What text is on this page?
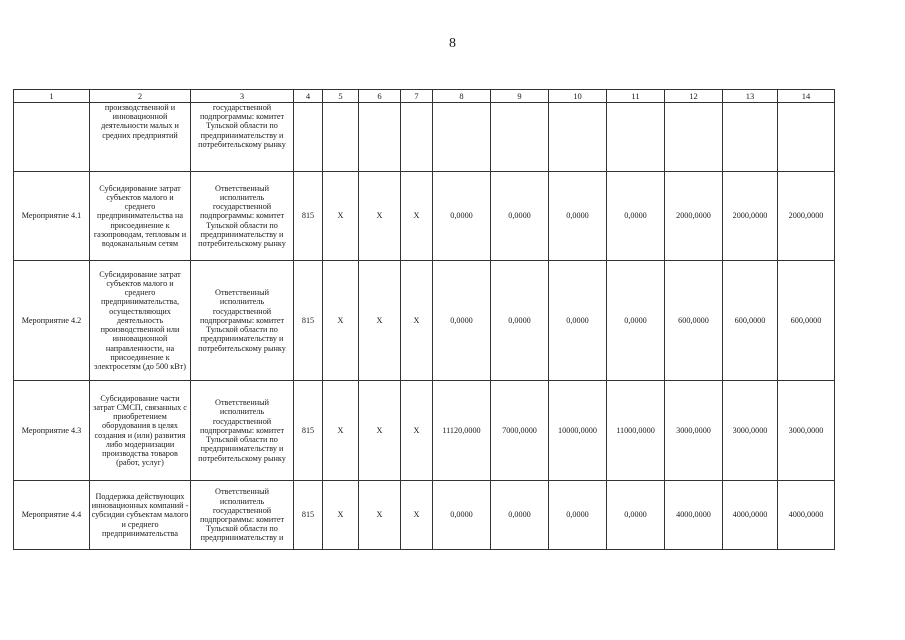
8
1	2	3	4	5	6	7	8	9	10	11	12	13	14
	производственной и инновационной деятельности малых и средних предприятий	государственной подпрограммы: комитет Тульской области по предпринимательству и потребительскому рынку											
Мероприятие 4.1	Субсидирование затрат субъектов малого и среднего предпринимательства на присоединение к газопроводам, тепловым и водоканальным сетям	Ответственный исполнитель государственной подпрограммы: комитет Тульской области по предпринимательству и потребительскому рынку	815	X	X	X	0,0000	0,0000	0,0000	0,0000	2000,0000	2000,0000	2000,0000
Мероприятие 4.2	Субсидирование затрат субъектов малого и среднего предпринимательства, осуществляющих деятельность производственной или инновационной направленности, на присоединение к электросетям (до 500 кВт)	Ответственный исполнитель государственной подпрограммы: комитет Тульской области по предпринимательству и потребительскому рынку	815	X	X	X	0,0000	0,0000	0,0000	0,0000	600,0000	600,0000	600,0000
Мероприятие 4.3	Субсидирование части затрат СМСП, связанных с приобретением оборудования в целях создания и (или) развития либо модернизации производства товаров (работ, услуг)	Ответственный исполнитель государственной подпрограммы: комитет Тульской области по предпринимательству и потребительскому рынку	815	X	X	X	11120,0000	7000,0000	10000,0000	11000,0000	3000,0000	3000,0000	3000,0000
Мероприятие 4.4	Поддержка действующих инновационных компаний - субсидии субъектам малого и среднего предпринимательства	Ответственный исполнитель государственной подпрограммы: комитет Тульской области по предпринимательству и	815	X	X	X	0,0000	0,0000	0,0000	0,0000	4000,0000	4000,0000	4000,0000
